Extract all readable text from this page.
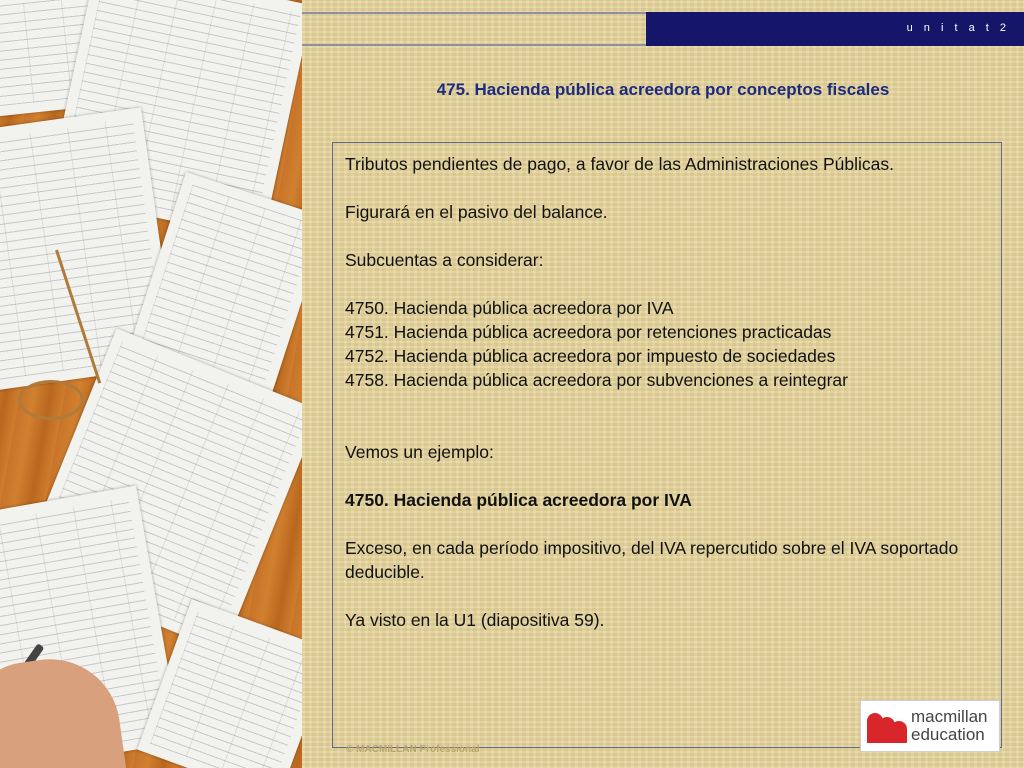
u n i t a t 2
475. Hacienda pública acreedora por conceptos fiscales

Tributos pendientes de pago, a favor de las Administraciones Públicas.

Figurará en el pasivo del balance.

Subcuentas a considerar:

4750. Hacienda pública acreedora por IVA

4751. Hacienda pública acreedora por retenciones practicadas

4752. Hacienda pública acreedora por impuesto de sociedades

4758. Hacienda pública acreedora por subvenciones a reintegrar

Vemos un ejemplo:

4750. Hacienda pública acreedora por IVA

Exceso, en cada período impositivo, del IVA repercutido sobre el IVA soportado deducible.

Ya visto en la U1 (diapositiva 59).

© MACMILLAN Professional
macmillan
education
